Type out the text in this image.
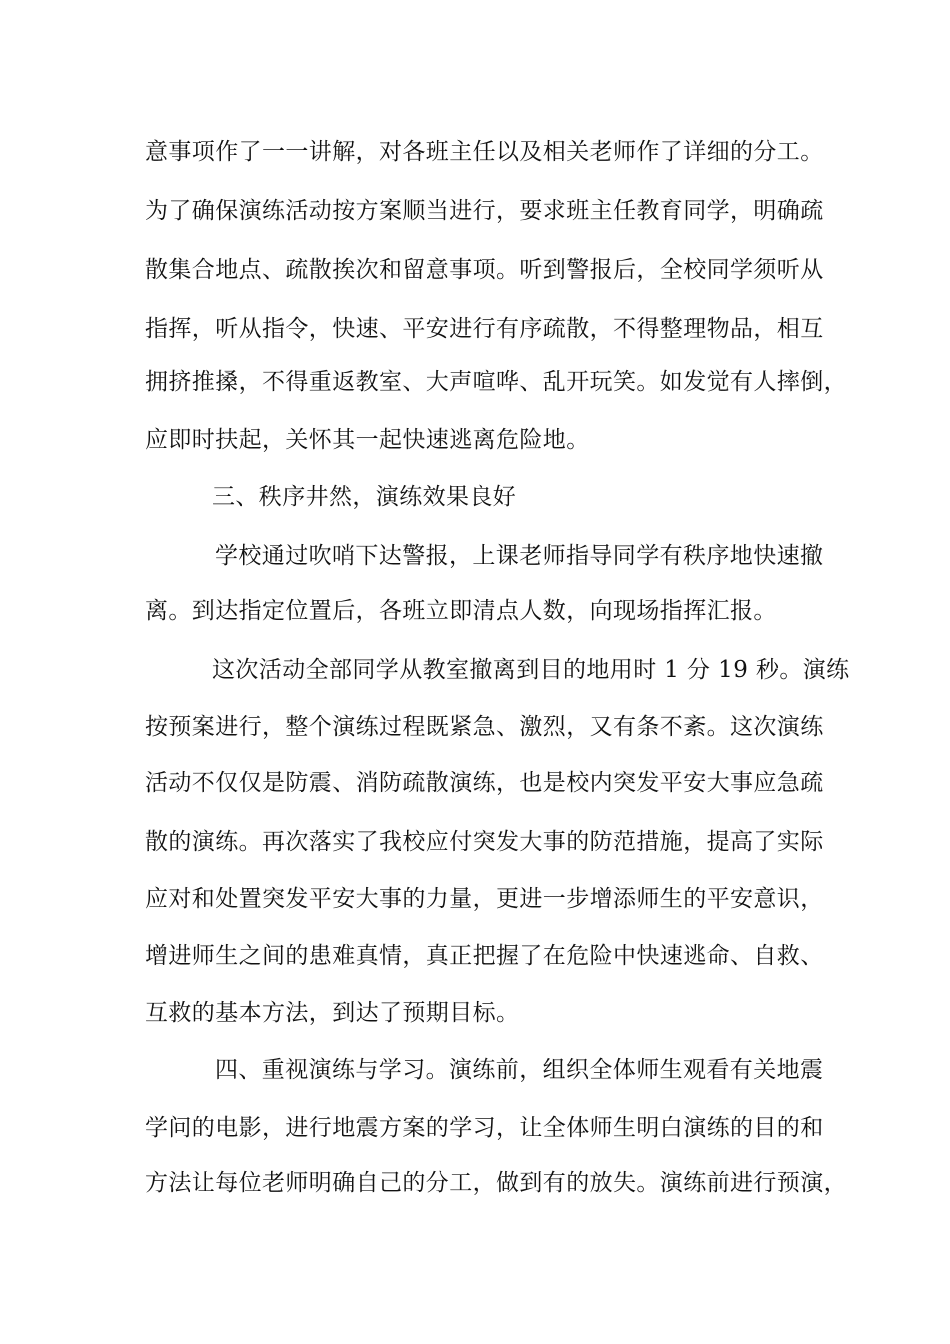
意事项作了一一讲解，对各班主任以及相关老师作了详细的分工。
为了确保演练活动按方案顺当进行，要求班主任教育同学，明确疏
散集合地点、疏散挨次和留意事项。听到警报后，全校同学须听从
指挥，听从指令，快速、平安进行有序疏散，不得整理物品，相互
拥挤推搡，不得重返教室、大声喧哗、乱开玩笑。如发觉有人摔倒，
应即时扶起，关怀其一起快速逃离危险地。
三、秩序井然，演练效果良好
学校通过吹哨下达警报，上课老师指导同学有秩序地快速撤
离。到达指定位置后，各班立即清点人数，向现场指挥汇报。
这次活动全部同学从教室撤离到目的地用时 1 分 19 秒。演练
按预案进行，整个演练过程既紧急、激烈，又有条不紊。这次演练
活动不仅仅是防震、消防疏散演练，也是校内突发平安大事应急疏
散的演练。再次落实了我校应付突发大事的防范措施，提高了实际
应对和处置突发平安大事的力量，更进一步增添师生的平安意识，
增进师生之间的患难真情，真正把握了在危险中快速逃命、自救、
互救的基本方法，到达了预期目标。
四、重视演练与学习。演练前，组织全体师生观看有关地震
学问的电影，进行地震方案的学习，让全体师生明白演练的目的和
方法让每位老师明确自己的分工，做到有的放失。演练前进行预演，
